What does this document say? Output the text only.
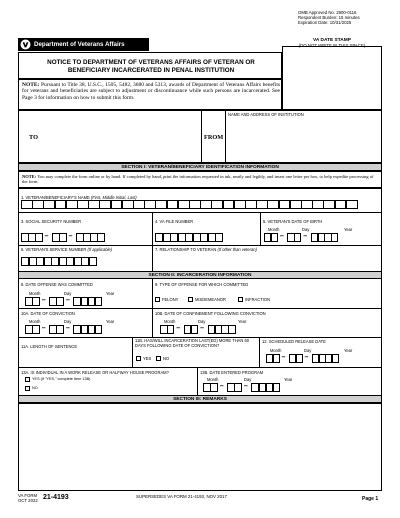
OMB Approved No. 2900-0116
Respondent Burden: 15 minutes
Expiration Date: 10/31/2025
Department of Veterans Affairs
VA DATE STAMP
(DO NOT WRITE IN THIS SPACE)
NOTICE TO DEPARTMENT OF VETERANS AFFAIRS OF VETERAN OR
BENEFICIARY INCARCERATED IN PENAL INSTITUTION
NOTE: Pursuant to Title 38, U.S.C., 1505, 5482, 3680 and 5313, awards of Department of Veterans Affairs benefits for veterans and beneficiaries are subject to adjustment or discontinuance while such persons are incarcerated. See Page 3 for information on how to submit this form.
TO	FROM
NAME AND ADDRESS OF INSTITUTION
SECTION I: VETERAN/BENEFICIARY IDENTIFICATION INFORMATION
NOTE: You may complete the form online or by hand. If completed by hand, print the information requested in ink, neatly and legibly, and insert one letter per box, to help expedite processing of the form.
1. VETERAN/BENEFICIARY'S NAME (First, Middle Initial, Last)
3. SOCIAL SECURITY NUMBER	4. VA FILE NUMBER	5. VETERAN'S DATE OF BIRTH
Month	Day	Year
–	–	–	–
6. VETERAN'S SERVICE NUMBER (If applicable)	7. RELATIONSHIP TO VETERAN (If other than veteran)
SECTION II: INCARCERATION INFORMATION
8. DATE OFFENSE WAS COMMITTED	9. TYPE OF OFFENSE FOR WHICH COMMITTED
Month	Day	Year
–	–	FELONY	MISDEMEANOR	INFRACTION
10A. DATE OF CONVICTION	10B. DATE OF CONFINEMENT FOLLOWING CONVICTION
Month	Day	Year	Month	Day	Year
–	–	–	–
11A. LENGTH OF SENTENCE
11B. HAS/WILL INCARCERATION LAST(ED) MORE THAN 60 DAYS FOLLOWING DATE OF CONVICTION?
YES	NO
12. SCHEDULED RELEASE DATE
Month	Day	Year
–	–
13A. IS INDIVIDUAL IN A WORK RELEASE OR HALFWAY HOUSE PROGRAM?
YES (If "YES," complete Item 13B)
NO
13B. DATE ENTERED PROGRAM
Month	Day	Year
–	–
SECTION III: REMARKS
VA FORM
OCT 2022 21-4193	SUPERSEDES VA FORM 21-4193, NOV 2017	Page 1
